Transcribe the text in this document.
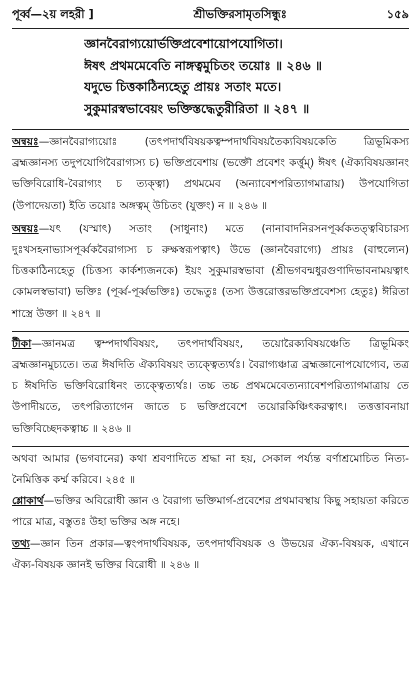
পূর্ব্ব—২য় লহরী ]	শ্রীভক্তিরসামৃতসিন্ধুঃ	১৫৯
জ্ঞানবৈরাগ্যয়োর্ভক্তিপ্রবেশায়োপযোগিতা।
ঈষৎ প্রথমমেবেতি নাঙ্গত্বমুচিতং তয়োঃ ॥ ২৪৬ ॥
যদুভে চিত্তকাঠিন্যহেতু প্রায়ঃ সতাং মতে।
সুকুমারস্বভাবেয়ং ভক্তিস্তদ্ধেতুরীরিতা ॥ ২৪৭ ॥

অন্বয়ঃ—জ্ঞানবৈরাগ্যয়োঃ (তৎপদার্থবিষয়কত্বম্পদার্থবিষয়তৈক্যবিষয়কেতি ত্রিভূমিকস্য ব্রহ্মজ্ঞানস্য তদুপযোগিবৈরাগ্যস্য চ) ভক্তিপ্রবেশায় (ভক্তৌ প্রবেশং কর্ত্তুম্) ঈষৎ (ঐক্যবিষয়জ্ঞানং ভক্তিবিরোধি-বৈরাগ্যং চ ত্যক্ত্বা) প্রথমমেব (অন্যাবেশপরিত্যাগমাত্রায়) উপযোগিতা (উপাদেয়তা) ইতি তয়োঃ অঙ্গত্বম্ উচিতং (যুক্তং) ন ॥ ২৪৬ ॥

অন্বয়ঃ—যৎ (যস্মাৎ) সতাং (সাধুনাং) মতে (নানাবাদনিরসনপূর্ব্বকতত্ত্ববিচারস্য দুঃখসহনাভ্যাসপূর্ব্বকবৈরাগ্যস্য চ রুক্ষস্বরূপত্বাৎ) উভে (জ্ঞানবৈরাগ্যে) প্রায়ঃ (বাহুল্যেন) চিত্তকাঠিন্যহেতু (চিত্তস্য কার্কশ্যজনকে) ইয়ং সুকুমারস্বভাবা (শ্রীভগবন্মধুরগুণাদিভাবনাময়ত্বাৎ কোমলস্বভাবা) ভক্তিঃ (পূর্ব্ব-পূর্ব্বভক্তিঃ) তদ্ধেতুঃ (তস্য উত্তরোত্তরভক্তিপ্রবেশস্য হেতুঃ) ঈরিতা শাস্ত্রে উক্তা ॥ ২৪৭ ॥

টীকা—জ্ঞানমত্র ত্বম্পদার্থবিষয়ং, তৎপদার্থবিষয়ং, তয়োরৈক্যবিষয়ঞ্চেতি ত্রিভূমিকং ব্রহ্মজ্ঞানমুচ্যতে। তত্র ঈষদিতি ঐক্যবিষয়ং ত্যক্ত্বেত্যর্থঃ। বৈরাগ্যঞ্চাত্র ব্রহ্মজ্ঞানোপযোগ্যেব, তত্র চ ঈষদিতি ভক্তিবিরোধিনং ত্যক্ত্বেত্যর্থঃ। তচ্চ তচ্চ প্রথমমেবেত্যন্যাবেশপরিত্যাগমাত্রায় তে উপাদীয়তে, তৎপরিত্যাগেন জাতে চ ভক্তিপ্রবেশে তয়োরকিঞ্চিৎকরত্বাৎ। তত্তত্তাবনায়া ভক্তিবিচ্ছেদকত্বাচ্চ ॥ ২৪৬ ॥

অথবা আমার (ভগবানের) কথা শ্রবণাদিতে শ্রদ্ধা না হয়, সেকাল পর্য্যন্ত বর্ণাশ্রমোচিত নিত্য-নৈমিত্তিক কর্ম্ম করিবে। ২৪৫ ॥

শ্লোকার্থ—ভক্তির অবিরোধী জ্ঞান ও বৈরাগ্য ভক্তিমার্গ-প্রবেশের প্রথমাবস্থায় কিছু সহায়তা করিতে পারে মাত্র, বস্তুতঃ উহা ভক্তির অঙ্গ নহে।

তথ্য—জ্ঞান তিন প্রকার—ত্বংপদার্থবিষয়ক, তৎপদার্থবিষয়ক ও উভয়ের ঐক্য-বিষয়ক, এখানে ঐক্য-বিষয়ক জ্ঞানই ভক্তির বিরোধী ॥ ২৪৬ ॥
